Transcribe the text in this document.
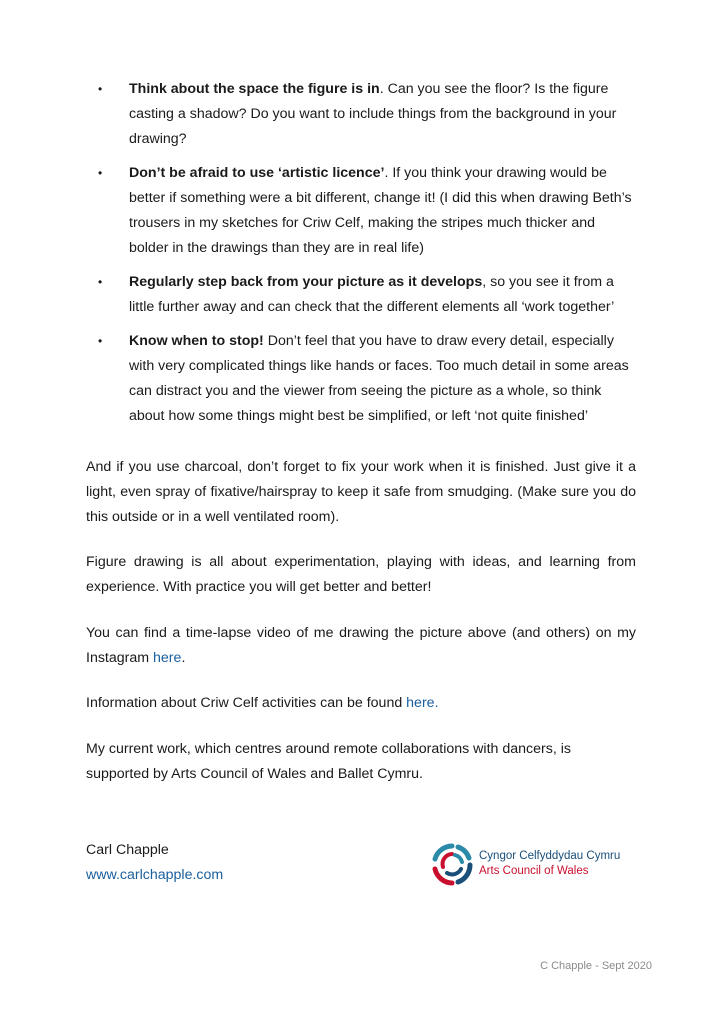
• Think about the space the figure is in. Can you see the floor? Is the figure casting a shadow? Do you want to include things from the background in your drawing?
• Don’t be afraid to use ‘artistic licence’. If you think your drawing would be better if something were a bit different, change it! (I did this when drawing Beth’s trousers in my sketches for Criw Celf, making the stripes much thicker and bolder in the drawings than they are in real life)
• Regularly step back from your picture as it develops, so you see it from a little further away and can check that the different elements all ‘work together’
• Know when to stop! Don’t feel that you have to draw every detail, especially with very complicated things like hands or faces. Too much detail in some areas can distract you and the viewer from seeing the picture as a whole, so think about how some things might best be simplified, or left ‘not quite finished’

And if you use charcoal, don’t forget to fix your work when it is finished. Just give it a light, even spray of fixative/hairspray to keep it safe from smudging. (Make sure you do this outside or in a well ventilated room).

Figure drawing is all about experimentation, playing with ideas, and learning from experience. With practice you will get better and better!

You can find a time-lapse video of me drawing the picture above (and others) on my Instagram here.

Information about Criw Celf activities can be found here.

My current work, which centres around remote collaborations with dancers, is supported by Arts Council of Wales and Ballet Cymru.

Carl Chapple
www.carlchapple.com
Cyngor Celfyddydau Cymru
Arts Council of Wales
C Chapple - Sept 2020
